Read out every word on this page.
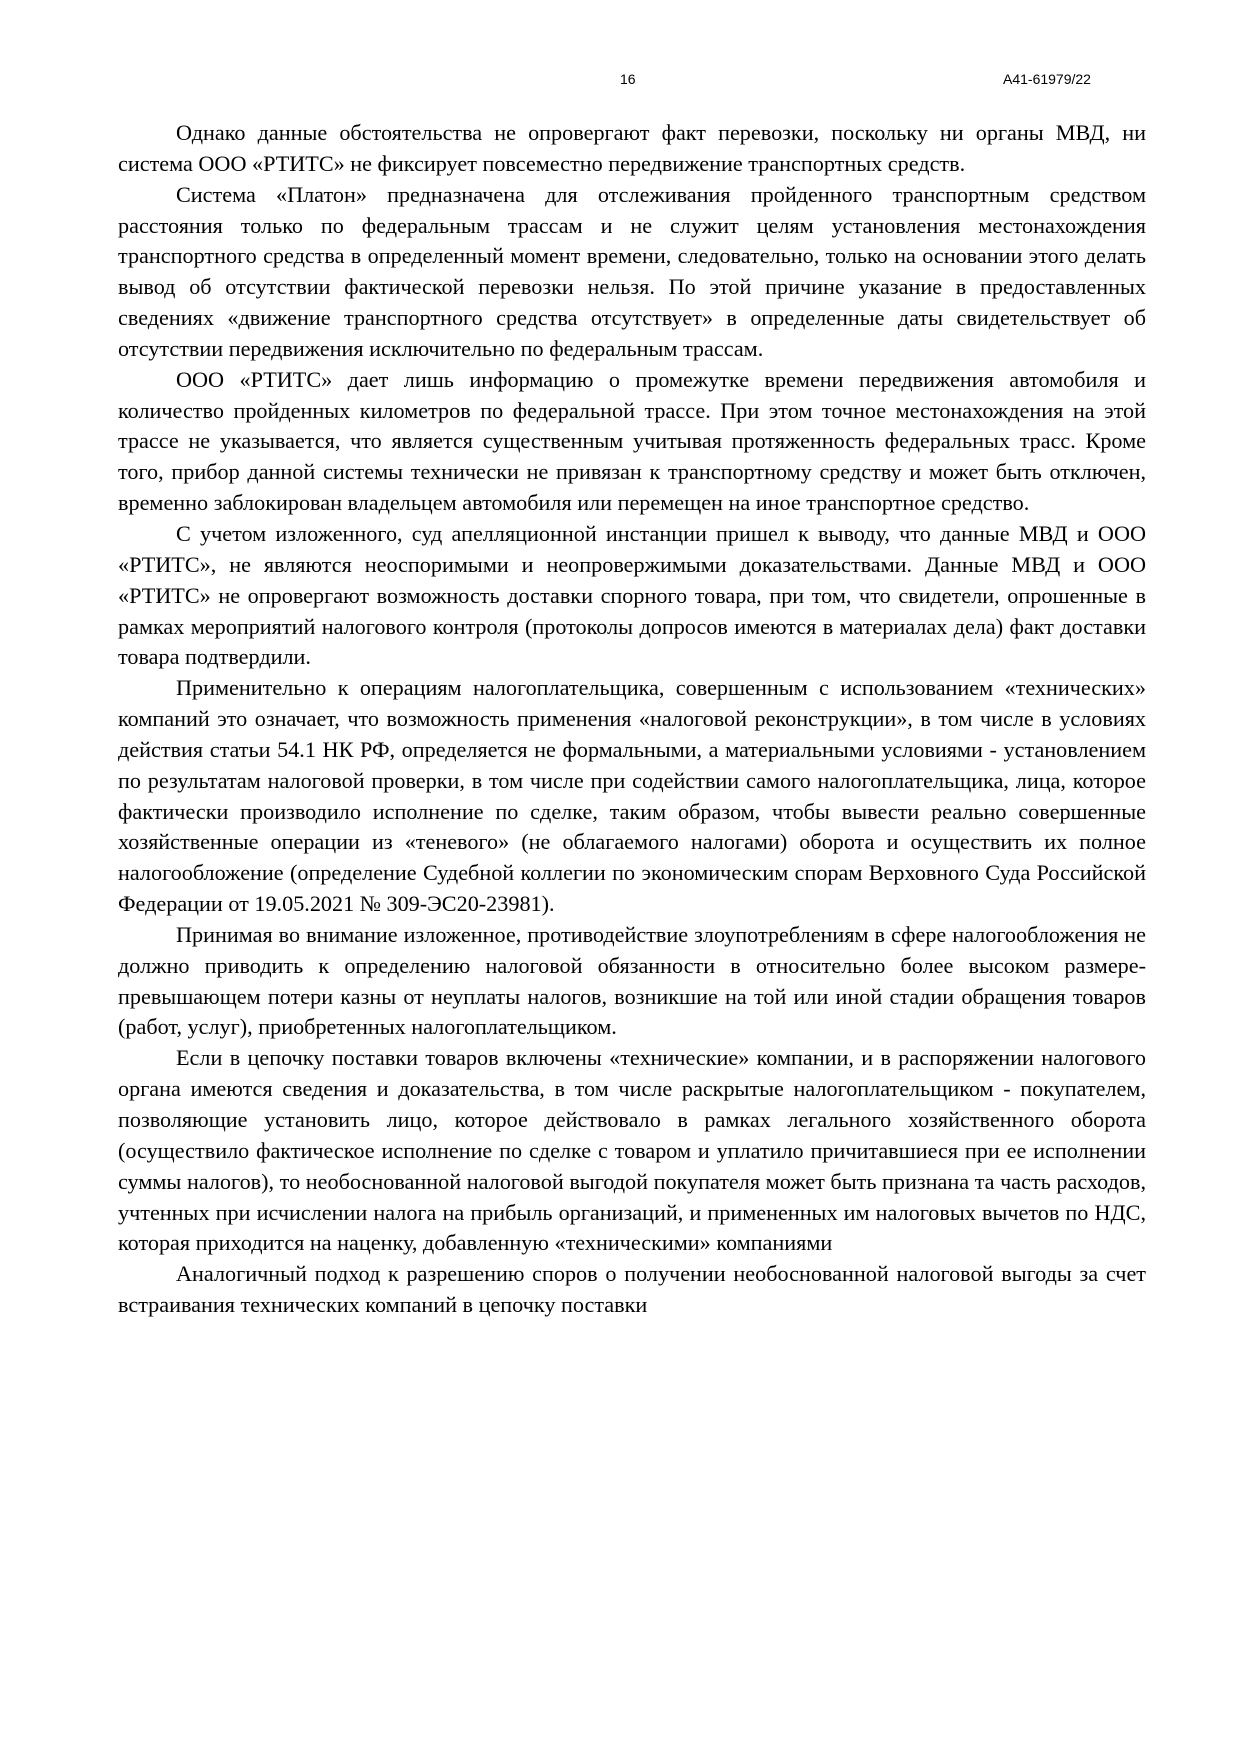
16	А41-61979/22

Однако данные обстоятельства не опровергают факт перевозки, поскольку ни органы МВД, ни система ООО «РТИТС» не фиксирует повсеместно передвижение транспортных средств.

Система «Платон» предназначена для отслеживания пройденного транспортным средством расстояния только по федеральным трассам и не служит целям установления местонахождения транспортного средства в определенный момент времени, следовательно, только на основании этого делать вывод об отсутствии фактической перевозки нельзя. По этой причине указание в предоставленных сведениях «движение транспортного средства отсутствует» в определенные даты свидетельствует об отсутствии передвижения исключительно по федеральным трассам.

ООО «РТИТС» дает лишь информацию о промежутке времени передвижения автомобиля и количество пройденных километров по федеральной трассе. При этом точное местонахождения на этой трассе не указывается, что является существенным учитывая протяженность федеральных трасс. Кроме того, прибор данной системы технически не привязан к транспортному средству и может быть отключен, временно заблокирован владельцем автомобиля или перемещен на иное транспортное средство.

С учетом изложенного, суд апелляционной инстанции пришел к выводу, что данные МВД и ООО «РТИТС», не являются неоспоримыми и неопровержимыми доказательствами. Данные МВД и ООО «РТИТС» не опровергают возможность доставки спорного товара, при том, что свидетели, опрошенные в рамках мероприятий налогового контроля (протоколы допросов имеются в материалах дела) факт доставки товара подтвердили.

Применительно к операциям налогоплательщика, совершенным с использованием «технических» компаний это означает, что возможность применения «налоговой реконструкции», в том числе в условиях действия статьи 54.1 НК РФ, определяется не формальными, а материальными условиями - установлением по результатам налоговой проверки, в том числе при содействии самого налогоплательщика, лица, которое фактически производило исполнение по сделке, таким образом, чтобы вывести реально совершенные хозяйственные операции из «теневого» (не облагаемого налогами) оборота и осуществить их полное налогообложение (определение Судебной коллегии по экономическим спорам Верховного Суда Российской Федерации от 19.05.2021 № 309-ЭС20-23981).

Принимая во внимание изложенное, противодействие злоупотреблениям в сфере налогообложения не должно приводить к определению налоговой обязанности в относительно более высоком размере- превышающем потери казны от неуплаты налогов, возникшие на той или иной стадии обращения товаров (работ, услуг), приобретенных налогоплательщиком.

Если в цепочку поставки товаров включены «технические» компании, и в распоряжении налогового органа имеются сведения и доказательства, в том числе раскрытые налогоплательщиком - покупателем, позволяющие установить лицо, которое действовало в рамках легального хозяйственного оборота (осуществило фактическое исполнение по сделке с товаром и уплатило причитавшиеся при ее исполнении суммы налогов), то необоснованной налоговой выгодой покупателя может быть признана та часть расходов, учтенных при исчислении налога на прибыль организаций, и примененных им налоговых вычетов по НДС, которая приходится на наценку, добавленную «техническими» компаниями

Аналогичный подход к разрешению споров о получении необоснованной налоговой выгоды за счет встраивания технических компаний в цепочку поставки
